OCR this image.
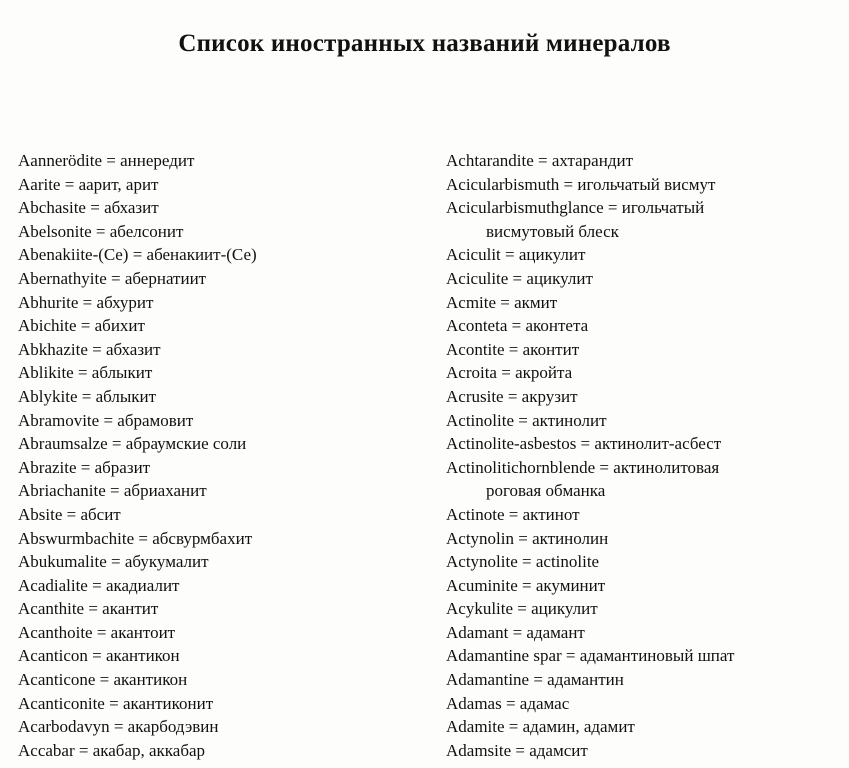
Список иностранных названий минералов
Aannerödite = аннередит
Aarite = аарит, арит
Abchasite = абхазит
Abelsonite = абелсонит
Abenakiite-(Ce) = абенакиит-(Се)
Abernathyite = абернатиит
Abhurite = абхурит
Abichite = абихит
Abkhazite = абхазит
Ablikite = аблыкит
Ablykite = аблыкит
Abramovite = абрамовит
Abraumsalze = абраумские соли
Abrazite = абразит
Abriachanite = абриаханит
Absite = абсит
Abswurmbachite = абсвурмбахит
Abukumalite = абукумалит
Acadialite = акадиалит
Acanthite = акантит
Acanthoite = акантоит
Acanticon = акантикон
Acanticone = акантикон
Acanticonite = акантиконит
Acarbodavyn = акарбодэвин
Accabar = акабар, аккабар
Achtarandite = ахтарандит
Acicularbismuth = игольчатый висмут
Acicularbismuthglance = игольчатый
висмутовый блеск
Aciculit = ацикулит
Aciculite = ацикулит
Acmite = акмит
Aconteta = аконтета
Acontite = аконтит
Acroita = акройта
Acrusite = акрузит
Actinolite = актинолит
Actinolite-asbestos = актинолит-асбест
Actinolitichornblende = актинолитовая
роговая обманка
Actinote = актинот
Actynolin = актинолин
Actynolite = actinolite
Acuminite = акуминит
Acykulite = ацикулит
Adamant = адамант
Adamantine spar = адамантиновый шпат
Adamantine = адамантин
Adamas = адамас
Adamite = адамин, адамит
Adamsite = адамсит
